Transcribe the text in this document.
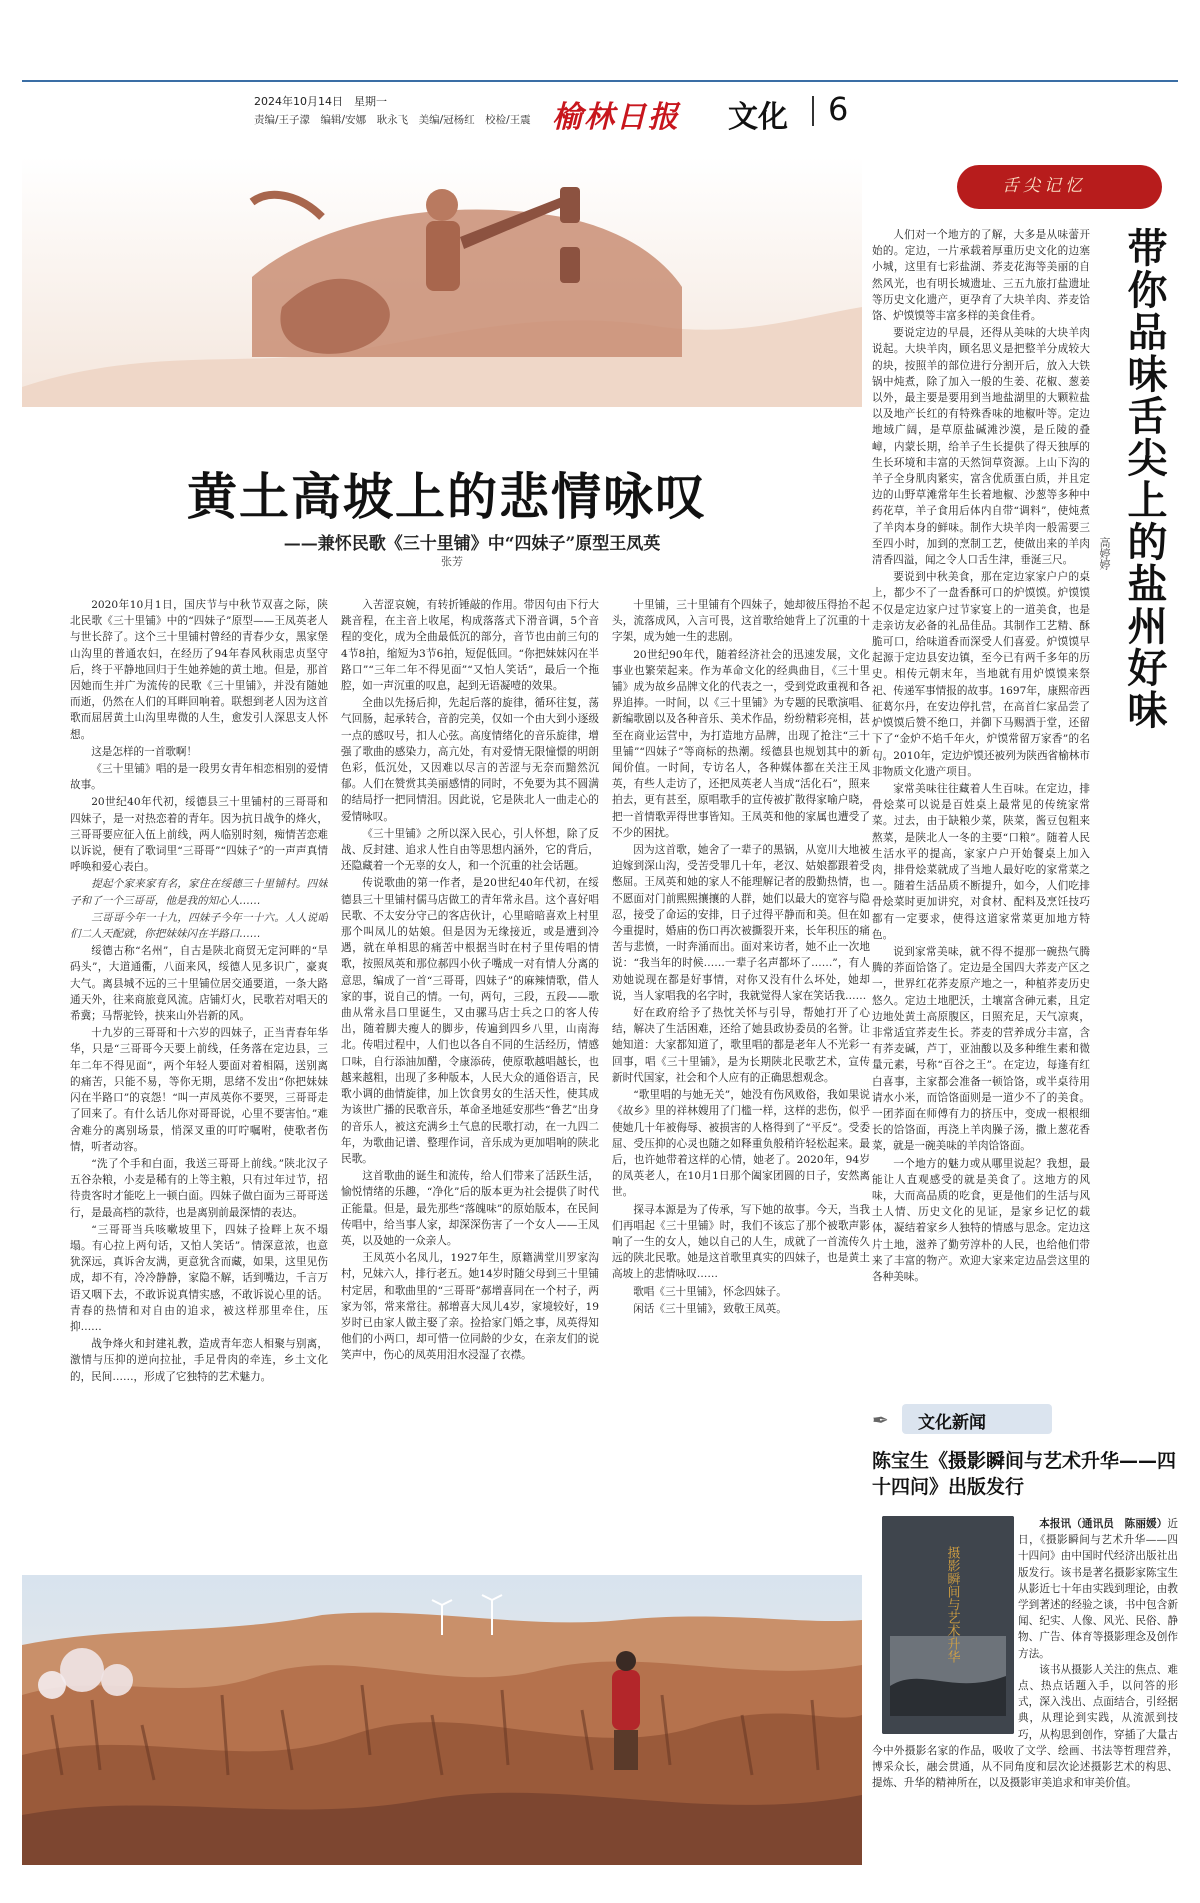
2024年10月14日　星期一
责编/王子濛　编辑/安娜　耿永飞　美编/冠杨红　校检/王震 榆林日报 文化 6
黄土高坡上的悲情咏叹
——兼怀民歌《三十里铺》中“四妹子”原型王凤英
张芳

2020年10月1日，国庆节与中秋节双喜之际，陕北民歌《三十里铺》中的“四妹子”原型——王凤英老人与世长辞了。这个三十里铺村曾经的青春少女，黑家堡山沟里的普通农妇，在经历了94年春风秋雨忠贞坚守后，终于平静地回归于生她养她的黄土地。但是，那首因她而生并广为流传的民歌《三十里铺》，并没有随她而逝，仍然在人们的耳畔回响着。联想到老人因为这首歌而屈居黄土山沟里卑微的人生，愈发引人深思支人怀想。

这是怎样的一首歌啊！

《三十里铺》唱的是一段男女青年相恋相别的爱情故事。

20世纪40年代初，绥德县三十里铺村的三哥哥和四妹子，是一对热恋着的青年。因为抗日战争的烽火，三哥哥要应征入伍上前线，两人临别时刻，痴情苦恋难以诉说，便有了歌词里“三哥哥”“四妹子”的一声声真情呼唤和爱心表白。

提起个家来家有名，家住在绥德三十里铺村。四妹子和了一个三哥哥，他是我的知心人……

三哥哥今年一十九，四妹子今年一十六。人人说咱们二人天配就，你把妹妹闪在半路口……

绥德古称“名州”，自古是陕北商贸无定河畔的“旱码头”，大道通衢，八面来风，绥德人见多识广，豪爽大气。离县城不远的三十里铺位居交通要道，一条大路通天外，往来商旅竟风流。店铺灯火，民歌若对唱天的希冀；马帮驼铃，挟来山外岩新的风。

十九岁的三哥哥和十六岁的四妹子，正当青春年华华，只是“三哥哥今天要上前线，任务落在定边县，三年二年不得见面”，两个年轻人要面对着相隔，送别离的痛苦，只能不易，等你无期，思绪不发出“你把妹妹闪在半路口”的哀怨！“叫一声凤英你不要哭，三哥哥走了回来了。有什么话儿你对哥哥说，心里不要害怕。”难舍难分的离别场景，悄深叉重的叮咛嘱咐，使歌者伤情，听者动容。

“洗了个手和白面，我送三哥哥上前线。”陕北汉子五谷杂粮，小麦是稀有的上等主粮，只有过年过节，招待贵客时才能吃上一顿白面。四妹子做白面为三哥哥送行，是最高档的款待，也是离别前最深情的表达。

“三哥哥当兵咳嗽坡里下，四妹子捡畔上灰不塌塌。有心拉上两句话，又怕人笑话”。情深意浓，也意犹深远，真诉舍友满，更意犹含而藏，如果，这里见伤成，却不有，冷冷静静，家隐不解，话到嘴边，千言万语又咽下去，不敢诉说真情实感，不敢诉说心里的话。青春的热情和对自由的追求，被这样那里牵住，压抑……

战争烽火和封建礼教，造成青年恋人相聚与别离，激情与压抑的逆向拉扯，手足骨肉的牵连，乡土文化的，民间……，形成了它独特的艺术魅力。

入苦涩哀婉，有转折锤敲的作用。带因句由下行大跳音程，在主音上收尾，构成落落式下滑音调，5个音程的变化，成为全曲最低沉的部分，音节也由前三句的4节8拍，缩短为3节6拍，短促低回。“你把妹妹闪在半路口”“三年二年不得见面”“又怕人笑话”，最后一个拖腔，如一声沉重的叹息，起到无语凝噎的效果。

全曲以先扬后抑，先起后落的旋律，循环往复，荡气回肠，起承转合，音韵完美，仅如一个由大到小逐级一点的感叹号，扣人心弦。高度情绪化的音乐旋律，增强了歌曲的感染力，高亢处，有对爱情无限憧憬的明朗色彩，低沉处，又因难以尽言的苦涩与无奈而黯然沉郁。人们在赞赏其美丽感情的同时，不免要为其不圆满的结局抒一把同情泪。因此说，它是陕北人一曲走心的爱情咏叹。

《三十里铺》之所以深入民心，引人怀想，除了反战、反封建、追求人性自由等思想内涵外，它的背后，还隐藏着一个无辜的女人，和一个沉重的社会话题。

传说歌曲的第一作者，是20世纪40年代初，在绥德县三十里铺村儒马店做工的青年常永昌。这个喜好唱民歌、不太安分守己的客店伙计，心里暗暗喜欢上村里那个叫凤儿的姑娘。但是因为无缘接近，或是遭到冷遇，就在单相思的痛苦中根据当时在村子里传唱的情歌，按照凤英和那位郝四小伙子嘴成一对有情人分离的意思，编成了一首“三哥哥，四妹子”的麻辣情歌，借人家的事，说自己的情。一句，两句，三段，五段——歌曲从常永昌口里诞生，又由骡马店士兵之口的客人传出，随着脚夫瘦人的脚步，传遍到四乡八里，山南海北。传唱过程中，人们也以各自不同的生活经历，情感口味，自行添油加醋，令康添砖，使原歌越唱越长，也越来越粗，出现了多种版本，人民大众的通俗语言，民歌小调的曲情旋律，加上饮食男女的生活天性，使其成为该世广播的民歌音乐，革命圣地延安那些“鲁艺”出身的音乐人，被这充满乡土气息的民歌打动，在一九四二年，为歌曲记谱、整理作词，音乐成为更加唱响的陕北民歌。

这首歌曲的诞生和流传，给人们带来了活跃生活，愉悦情绪的乐趣，“净化”后的版本更为社会提供了时代正能量。但是，最先那些“落魄味”的原始版本，在民间传唱中，给当事人家，却深深伤害了一个女人——王凤英，以及她的一众亲人。

王凤英小名凤儿，1927年生，原籍满堂川罗家沟村，兄妹六人，排行老五。她14岁时随父母到三十里铺村定居，和歌曲里的“三哥哥”郝增喜同在一个村子，两家为邻，常来常往。郝增喜大凤儿4岁，家境较好，19岁时已由家人做主娶了亲。捡拾家门婚之事，凤英得知他们的小两口，却可惜一位同龄的少女，在亲友们的说笑声中，伤心的凤英用泪水浸湿了衣襟。

十里铺，三十里铺有个四妹子，她却彼压得抬不起头，流落成风，入言可畏，这首歌给她背上了沉重的十字架，成为她一生的悲剧。

20世纪90年代，随着经济社会的迅速发展，文化事业也繁荣起来。作为革命文化的经典曲目，《三十里铺》成为故乡品牌文化的代表之一，受到党政重视和各界追捧。一时间，以《三十里铺》为专题的民歌演唱、新编歌剧以及各种音乐、美术作品，纷纷精彩亮相，甚至在商业运营中，为打造地方品牌，出现了抢注“三十里铺”“四妹子”等商标的热潮。绥德县也规划其中的新闻价值。一时间，专访名人，各种媒体都在关注王凤英，有些人走访了，还把凤英老人当成“活化石”，照来拍去，更有甚至，原唱歌手的宣传被扩散得家喻户晓，把一首情歌弄得世事皆知。王凤英和他的家属也遭受了不少的困扰。

因为这首歌，她舍了一辈子的黑锅，从宽川大地被迫嫁到深山沟，受苦受罪几十年，老汉、姑娘都跟着受憋屈。王凤英和她的家人不能理解记者的殷勤热情，也不愿面对门前熙熙攘攘的人群，她们以最大的宽容与隐忍，接受了命运的安排，日子过得平静而和美。但在如今重提时，婚庙的伤口再次被撕裂开来，长年积压的痛苦与悲愤，一时奔涌而出。面对来访者，她不止一次地说：“我当年的时候……一辈子名声都坏了……”，有人劝她说现在都是好事情，对你又没有什么坏处，她却说，当人家唱我的名字时，我就觉得人家在笑话我……

好在政府给予了热忱关怀与引导，帮她打开了心结，解决了生活困难，还给了她县政协委员的名誉。让她知道：大家都知道了，歌里唱的都是老年人不光彩一回事，唱《三十里铺》，是为长期陕北民歌艺术，宣传新时代国家，社会和个人应有的正确思想观念。

“歌里唱的与她无关”，她没有伤风败俗，我如果说《故乡》里的祥林嫂用了门槛一样，这样的悲伤，似乎使她几十年被侮辱、被损害的人格得到了“平反”。受委屈、受压抑的心灵也随之如释重负般稍许轻松起来。最后，也许她带着这样的心情，她老了。2020年，94岁的凤英老人，在10月1日那个阖家团圆的日子，安然离世。

探寻本源是为了传承，写下她的故事。今天，当我们再唱起《三十里铺》时，我们不该忘了那个被歌声影响了一生的女人，她以自己的人生，成就了一首流传久远的陕北民歌。她是这首歌里真实的四妹子，也是黄土高坡上的悲情咏叹……

歌唱《三十里铺》，怀念四妹子。

闲话《三十里铺》，致敬王凤英。

舌尖记忆

人们对一个地方的了解，大多是从味蕾开始的。定边，一片承载着厚重历史文化的边塞小城，这里有七彩盐湖、荞麦花海等美丽的自然风光，也有明长城遗址、三五九旅打盐遗址等历史文化遗产，更孕育了大块羊肉、荞麦饸饹、炉馍馍等丰富多样的美食佳肴。

要说定边的早晨，还得从美味的大块羊肉说起。大块羊肉，顾名思义是把整羊分成较大的块，按照羊的部位进行分割开后，放入大铁锅中炖煮，除了加入一般的生姜、花椒、葱姜以外，最主要是要用到当地盐湖里的大颗粒盐以及地产长红的有特殊香味的地椒叶等。定边地域广阔，是草原盐碱滩沙漠，是丘陵的叠嶂，内蒙长期，给羊子生长提供了得天独厚的生长环境和丰富的天然饲草资源。上山下沟的羊子全身肌肉紧实，富含优质蛋白质，并且定边的山野草滩常年生长着地椒、沙葱等多种中药花草，羊子食用后体内自带“调料”，使炖煮了羊肉本身的鲜味。制作大块羊肉一般需要三至四小时，加到的烹制工艺，使做出来的羊肉清香四溢，闻之令人口舌生津，垂涎三尺。

要说到中秋美食，那在定边家家户户的桌上，都少不了一盘香酥可口的炉馍馍。炉馍馍不仅是定边家户过节家宴上的一道美食，也是走亲访友必备的礼品佳品。其制作工艺精、酥脆可口，给味道香而深受人们喜爱。炉馍馍早起源于定边县安边镇，至今已有两千多年的历史。相传元朝末年，当地就有用炉馍馍来祭祀、传递军事情报的故事。1697年，康熙帝西征葛尔丹，在安边停扎营，在高首仁家品尝了炉馍馍后赞不绝口，并御下马赐酒于堂，还留下了“金炉不焰千年火，炉馍常留万家香”的名句。2010年，定边炉馍还被列为陕西省榆林市非物质文化遗产项目。

家常美味往往藏着人生百味。在定边，排骨烩菜可以说是百姓桌上最常见的传统家常菜。过去，由于缺粮少菜，陕菜，酱豆包粗来熬菜，是陕北人一冬的主要“口粮”。随着人民生活水平的提高，家家户户开始餐桌上加入肉，排骨烩菜就成了当地人最好吃的家常菜之一。随着生活品质不断提升，如今，人们吃排骨烩菜时更加讲究，对食材、配料及烹饪技巧都有一定要求，使得这道家常菜更加地方特色。

说到家常美味，就不得不提那一碗热气腾腾的荞面饸饹了。定边是全国四大荞麦产区之一，世界红花荞麦原产地之一，种植荞麦历史悠久。定边土地肥沃，土壤富含砷元素，且定边地处黄土高原腹区，日照充足，天气凉爽，非常适宜荞麦生长。荞麦的营养成分丰富，含有荞麦碱，芦丁，亚油酸以及多种维生素和微量元素，号称“百谷之王”。在定边，每逢有红白喜事，主家都会准备一顿饸饹，或半桌待用请水小米，而饸饹面则是一道少不了的美食。一团荞面在师傅有力的挤压中，变成一根根细长的饸饹面，再浇上羊肉臊子汤，撒上葱花香菜，就是一碗美味的羊肉饸饹面。

一个地方的魅力或从哪里说起？我想，最能让人直观感受的就是美食了。这地方的风味，大而高品质的吃食，更是他们的生活与风土人情、历史文化的见证，是家乡记忆的载体，凝结着家乡人独特的情感与思念。定边这片土地，滋养了勤劳淳朴的人民，也给他们带来了丰富的物产。欢迎大家来定边品尝这里的各种美味。

带你品味舌尖上的盐州好味
高婷婷
✒ 文化新闻
陈宝生《摄影瞬间与艺术升华——四十四问》出版发行
摄影瞬间与艺术升华

本报讯（通讯员　陈丽媛）近日，《摄影瞬间与艺术升华——四十四问》由中国时代经济出版社出版发行。该书是著名摄影家陈宝生从影近七十年由实践到理论，由教学到著述的经验之谈，书中包含新闻、纪实、人像、风光、民俗、静物、广告、体育等摄影理念及创作方法。

该书从摄影人关注的焦点、难点、热点话题入手，以问答的形式，深入浅出、点面结合，引经据典，从理论到实践，从流派到技巧，从构思到创作，穿插了大量古今中外摄影名家的作品，吸收了文学、绘画、书法等哲理营养，博采众长，融会贯通，从不同角度和层次论述摄影艺术的构思、提炼、升华的精神所在，以及摄影审美追求和审美价值。
